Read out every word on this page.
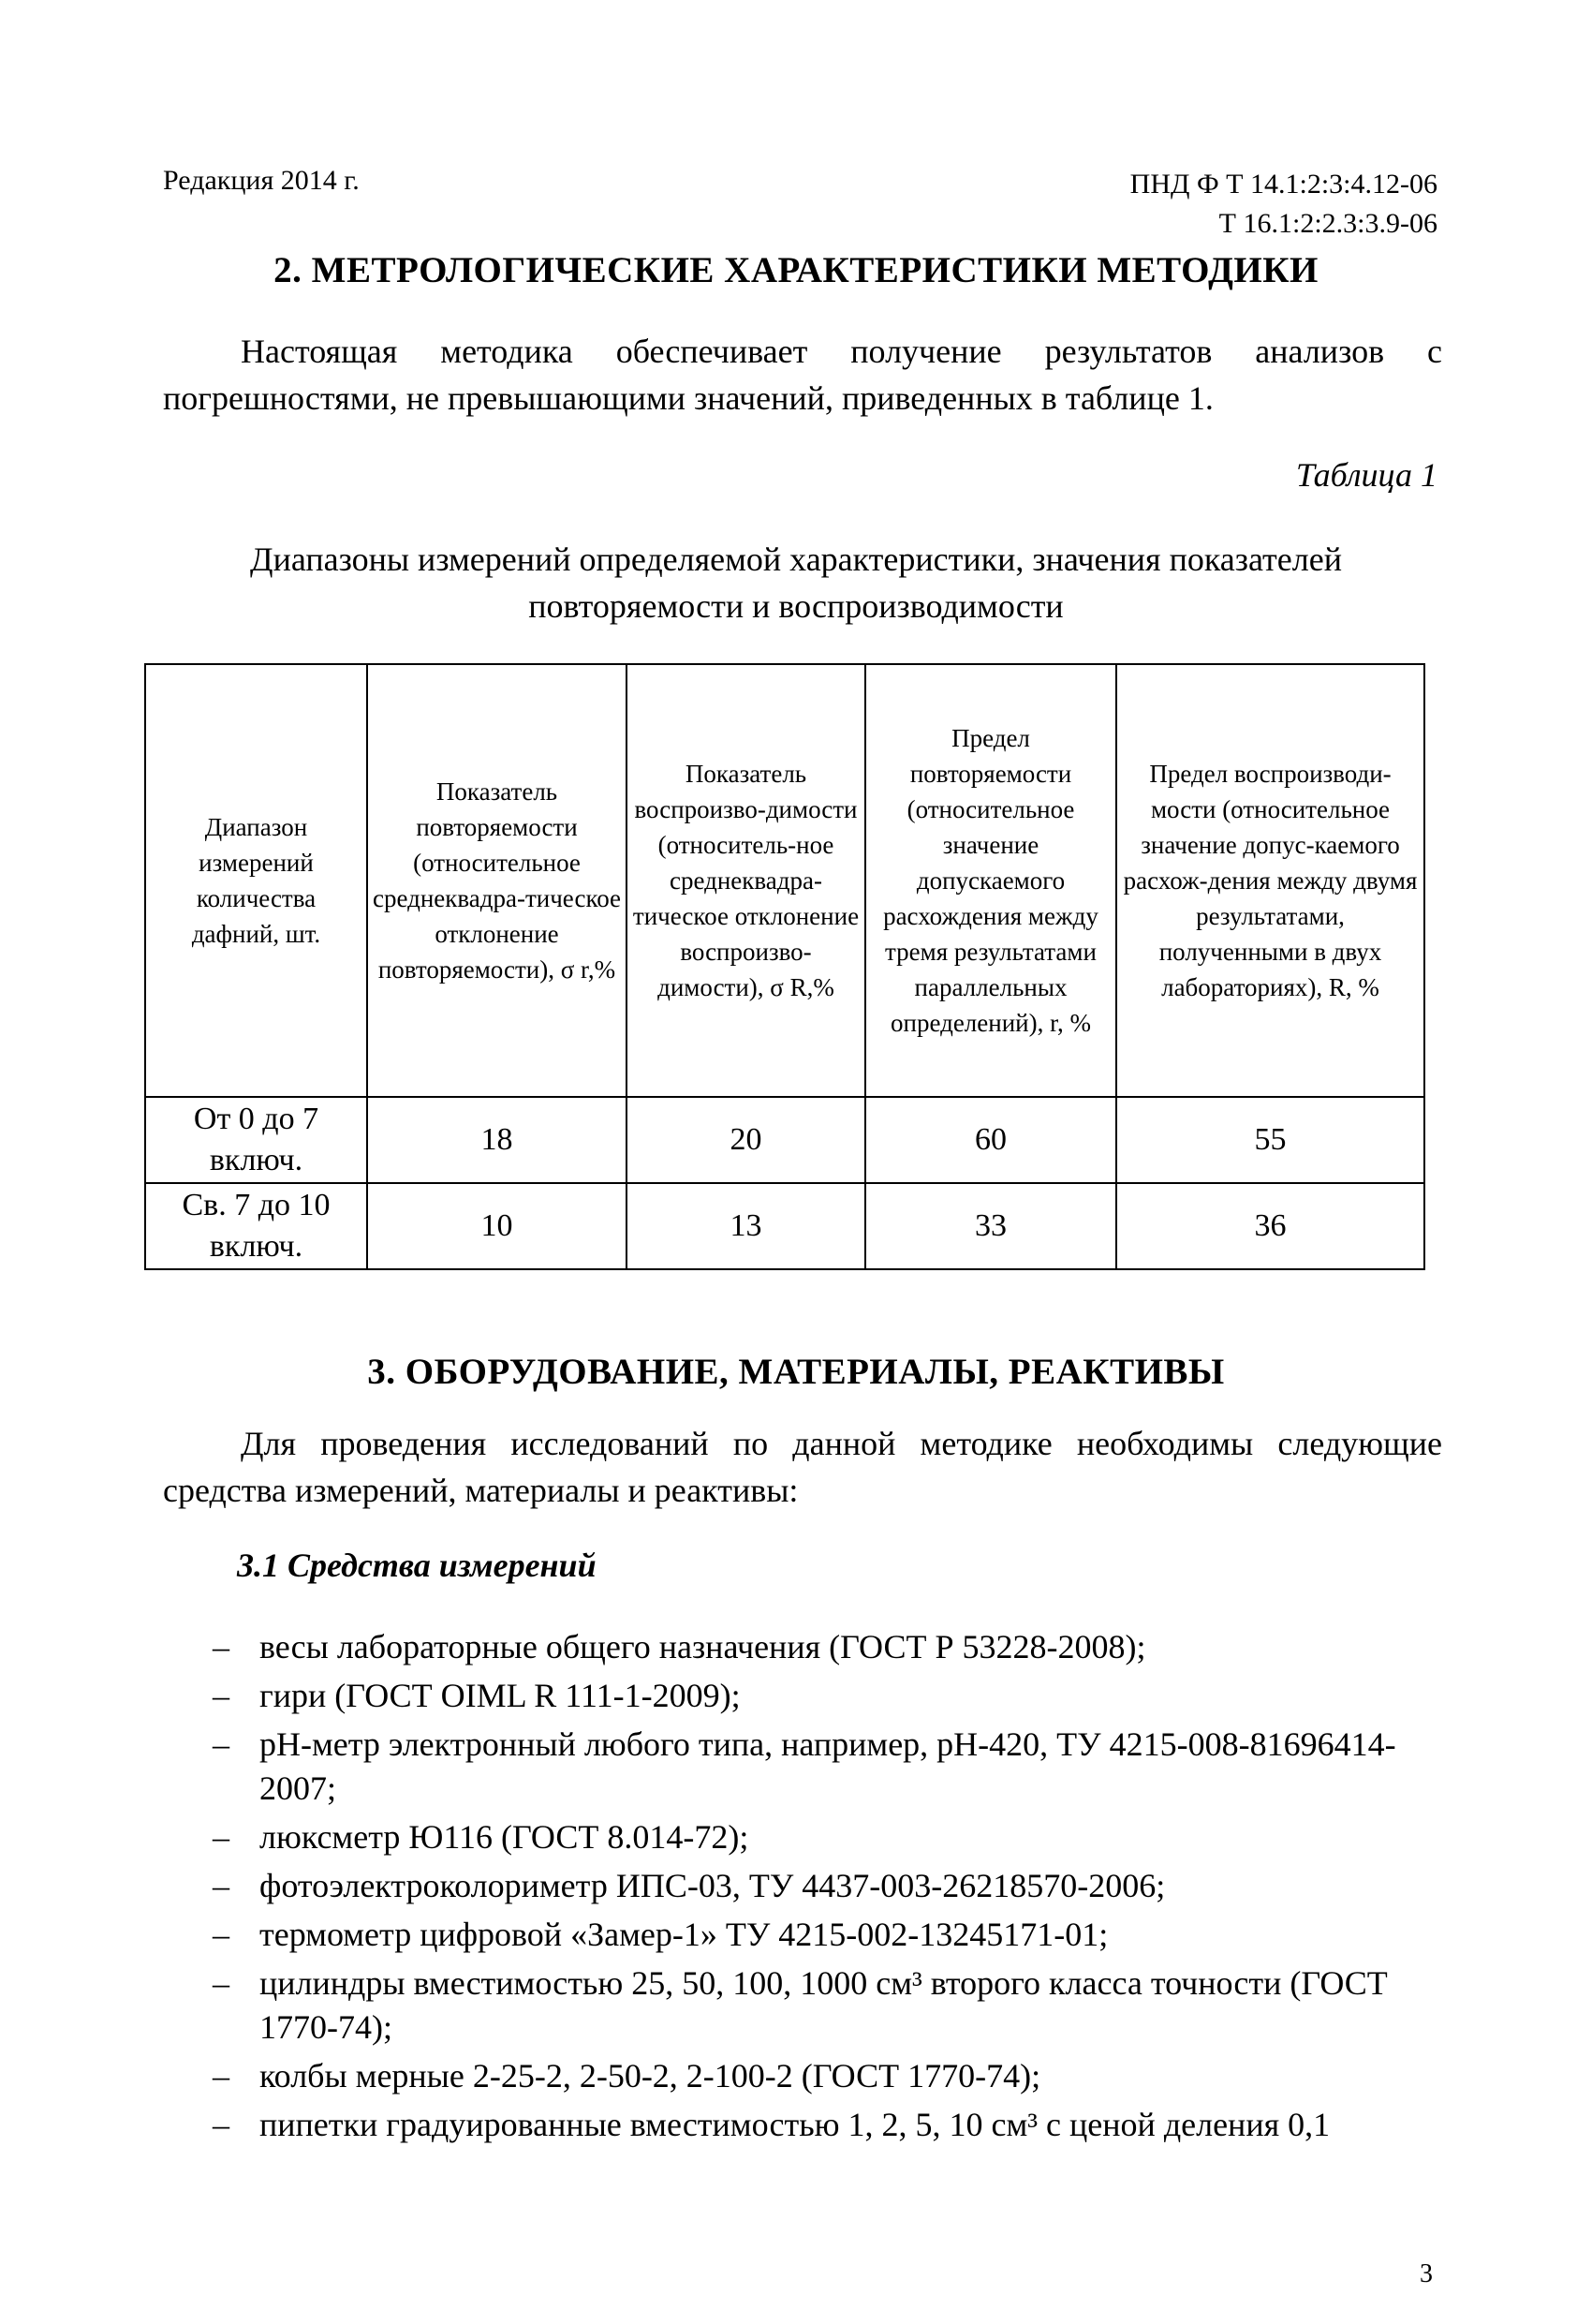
Редакция 2014 г.	ПНД Ф Т 14.1:2:3:4.12-06
Т 16.1:2:2.3:3.9-06
2. МЕТРОЛОГИЧЕСКИЕ ХАРАКТЕРИСТИКИ МЕТОДИКИ
Настоящая методика обеспечивает получение результатов анализов с погрешностями, не превышающими значений, приведенных в таблице 1.
Таблица 1
Диапазоны измерений определяемой характеристики, значения показателей
повторяемости и воспроизводимости
Диапазон измерений количества дафний, шт.	Показатель повторяемости (относительное среднеквадра-тическое отклонение повторяемости), σ r,%	Показатель воспроизво-димости (относитель-ное среднеквадра-тическое отклонение воспроизво-димости), σ R,%	Предел повторяемости (относительное значение допускаемого расхождения между тремя результатами параллельных определений), r, %	Предел воспроизводи-мости (относительное значение допус-каемого расхож-дения между двумя результатами, полученными в двух лабораториях), R, %
От 0 до 7 включ.	18	20	60	55
Св. 7 до 10 включ.	10	13	33	36
3. ОБОРУДОВАНИЕ, МАТЕРИАЛЫ, РЕАКТИВЫ
Для проведения исследований по данной методике необходимы следующие средства измерений, материалы и реактивы:
3.1 Средства измерений
– весы лабораторные общего назначения (ГОСТ Р 53228-2008);
– гири (ГОСТ OIML R 111-1-2009);
– рН-метр электронный любого типа, например, рН-420, ТУ 4215-008-81696414-2007;
– люксметр Ю116 (ГОСТ 8.014-72);
– фотоэлектроколориметр ИПС-03, ТУ 4437-003-26218570-2006;
– термометр цифровой «Замер-1» ТУ 4215-002-13245171-01;
– цилиндры вместимостью 25, 50, 100, 1000 см³ второго класса точности (ГОСТ 1770-74);
– колбы мерные 2-25-2, 2-50-2, 2-100-2 (ГОСТ 1770-74);
– пипетки градуированные вместимостью 1, 2, 5, 10 см³ с ценой деления 0,1
3
